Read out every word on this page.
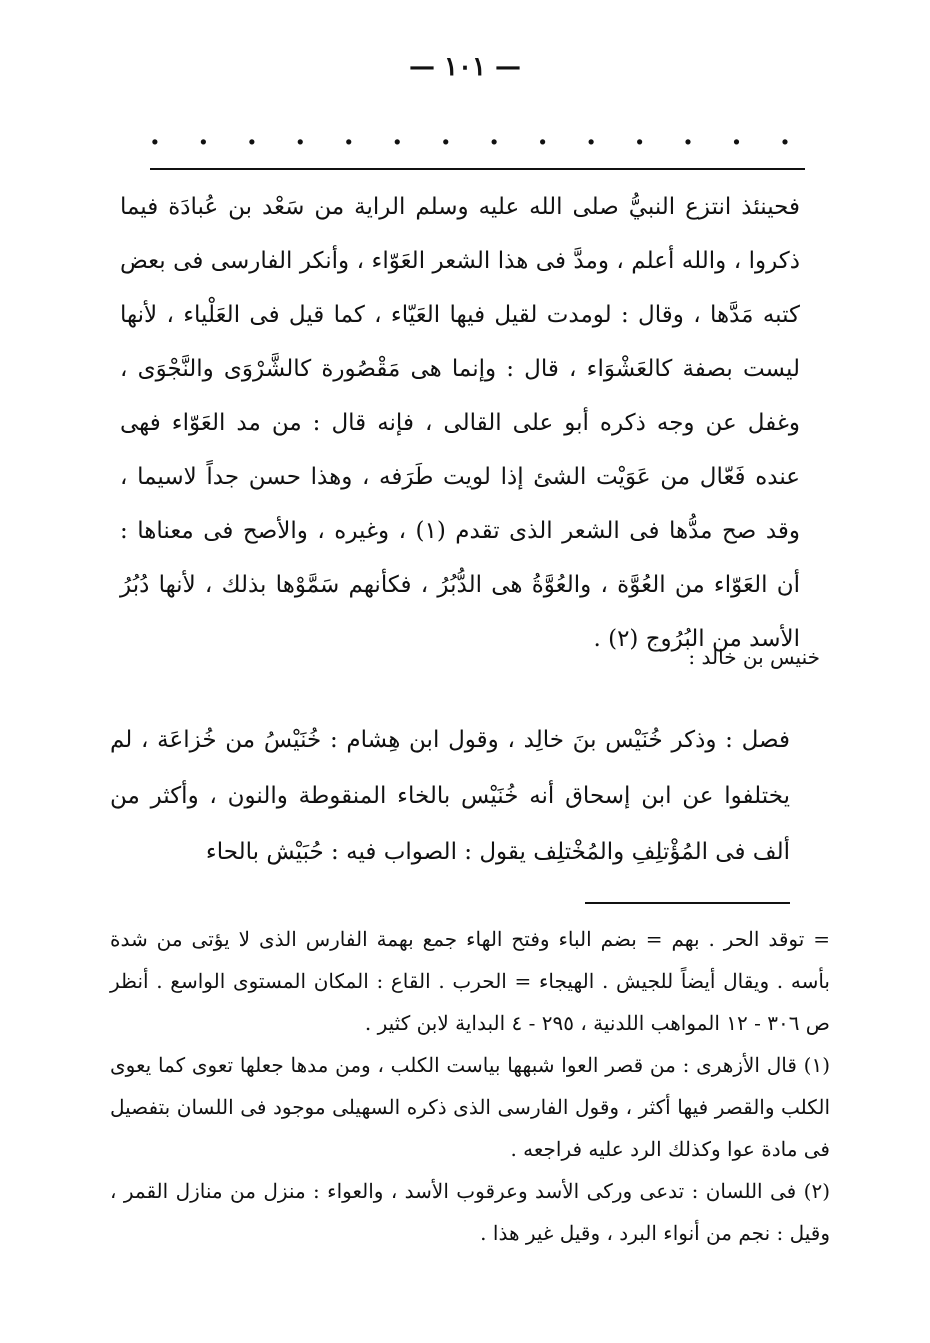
— ١٠١ —
. . . . . . . . . . . . . .

فحينئذ انتزع النبيُّ صلى الله عليه وسلم الراية من سَعْد بن عُبادَة فيما ذكروا ، والله أعلم ، ومدَّ فى هذا الشعر العَوّاء ، وأنكر الفارسى فى بعض كتبه مَدَّها ، وقال : لومدت لقيل فيها العَيّاء ، كما قيل فى العَلْياء ، لأنها ليست بصفة كالعَشْوَاء ، قال : وإنما هى مَقْصُورة كالشَّرْوَى والنَّجْوَى ، وغفل عن وجه ذكره أبو على القالى ، فإنه قال : من مد العَوّاء فهى عنده فَعّال من عَوَيْت الشئ إذا لويت طَرَفه ، وهذا حسن جداً لاسيما ، وقد صح مدُّها فى الشعر الذى تقدم (١) ، وغيره ، والأصح فى معناها : أن العَوّاء من العُوَّة ، والعُوَّةُ هى الدُّبُرُ ، فكأنهم سَمَّوْها بذلك ، لأنها دُبُرُ الأسد من البُرُوج (٢) .

خنيس بن خالد :

فصل : وذكر خُنَيْس بنَ خالِد ، وقول ابن هِشام : خُنَيْسُ من خُزاعَة ، لم يختلفوا عن ابن إسحاق أنه خُنَيْس بالخاء المنقوطة والنون ، وأكثر من ألف فى المُؤْتلِفِ والمُخْتلِف يقول : الصواب فيه : حُبَيْش بالحاء

= توقد الحر . بهم = بضم الباء وفتح الهاء جمع بهمة الفارس الذى لا يؤتى من شدة بأسه . ويقال أيضاً للجيش . الهيجاء = الحرب . القاع : المكان المستوى الواسع . أنظر ص ٣٠٦ - ١٢ المواهب اللدنية ، ٢٩٥ - ٤ البداية لابن كثير .

(١) قال الأزهرى : من قصر العوا شبهها بياست الكلب ، ومن مدها جعلها تعوى كما يعوى الكلب والقصر فيها أكثر ، وقول الفارسى الذى ذكره السهيلى موجود فى اللسان بتفصيل فى مادة عوا وكذلك الرد عليه فراجعه .

(٢) فى اللسان : تدعى وركى الأسد وعرقوب الأسد ، والعواء : منزل من منازل القمر ، وقيل : نجم من أنواء البرد ، وقيل غير هذا .
